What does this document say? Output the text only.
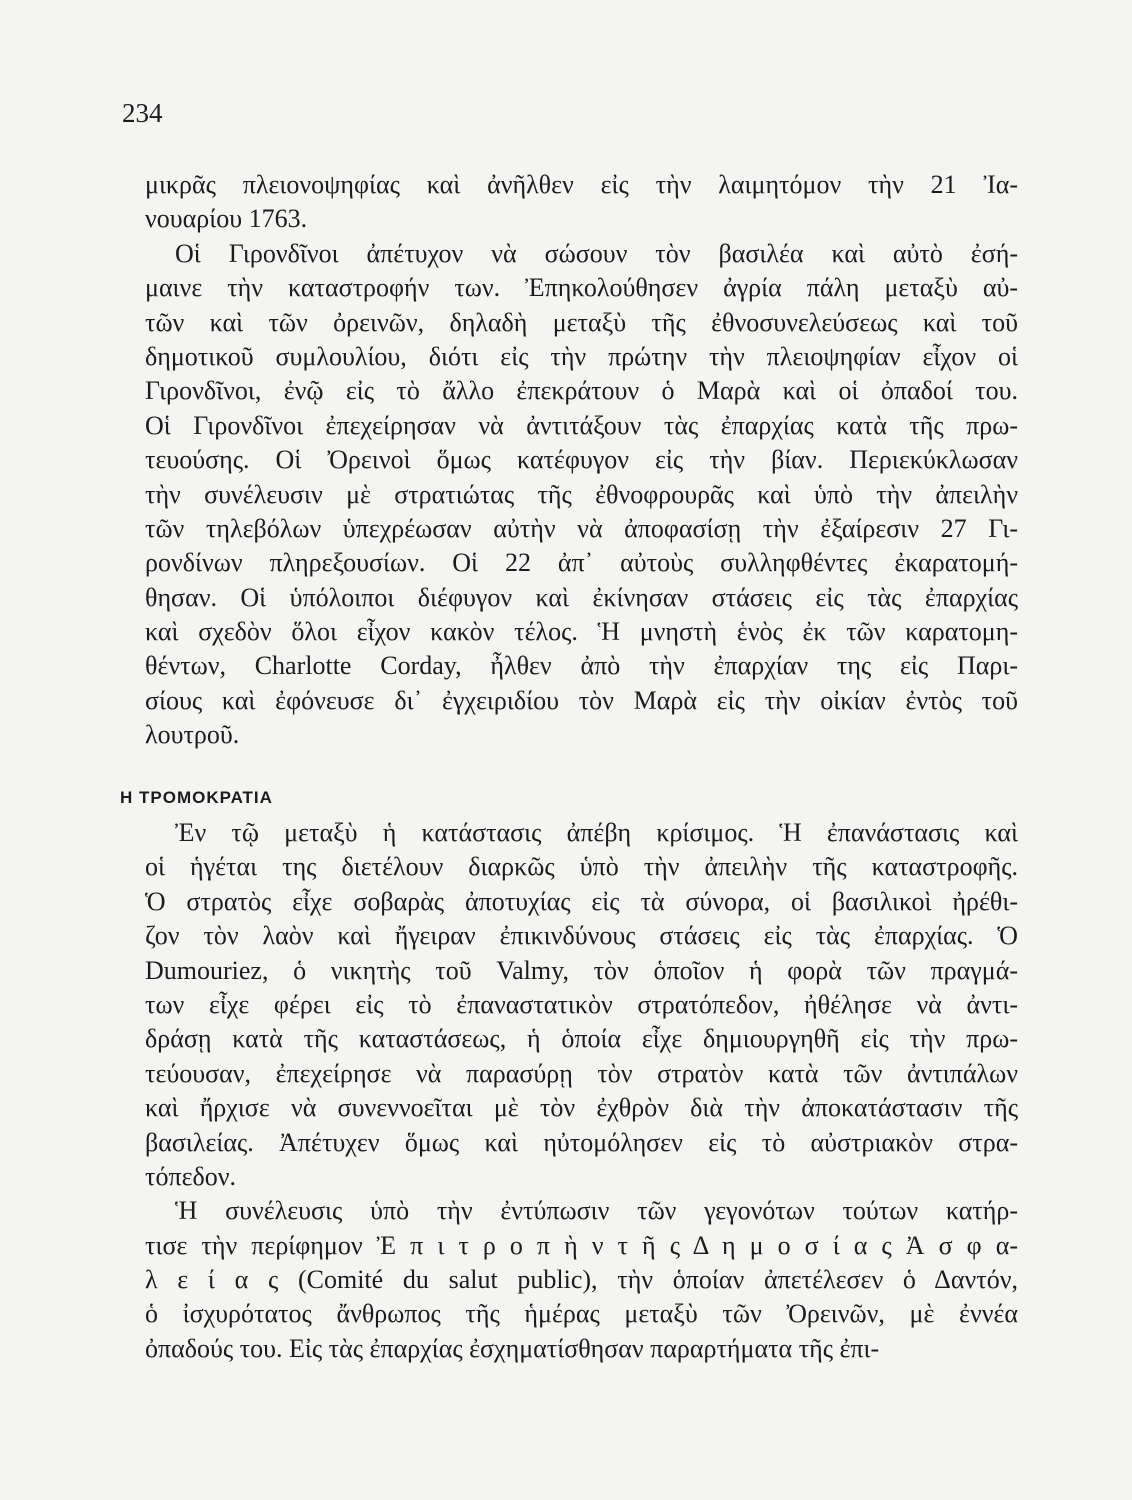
234
μικρᾶς πλειονοψηφίας καὶ ἀνῆλθεν εἰς τὴν λαιμητόμον τὴν 21 Ἰα-
νουαρίου 1763.
Οἱ Γιρονδῖνοι ἀπέτυχον νὰ σώσουν τὸν βασιλέα καὶ αὐτὸ ἐσή-
μαινε τὴν καταστροφήν των. Ἐπηκολούθησεν ἀγρία πάλη μεταξὺ αὐ-
τῶν καὶ τῶν ὀρεινῶν, δηλαδὴ μεταξὺ τῆς ἐθνοσυνελεύσεως καὶ τοῦ
δημοτικοῦ συμλουλίου, διότι εἰς τὴν πρώτην τὴν πλειοψηφίαν εἶχον οἱ
Γιρονδῖνοι, ἐνῷ εἰς τὸ ἄλλο ἐπεκράτουν ὁ Μαρὰ καὶ οἱ ὀπαδοί του.
Οἱ Γιρονδῖνοι ἐπεχείρησαν νὰ ἀντιτάξουν τὰς ἐπαρχίας κατὰ τῆς πρω-
τευούσης. Οἱ Ὀρεινοὶ ὅμως κατέφυγον εἰς τὴν βίαν. Περιεκύκλωσαν
τὴν συνέλευσιν μὲ στρατιώτας τῆς ἐθνοφρουρᾶς καὶ ὑπὸ τὴν ἀπειλὴν
τῶν τηλεβόλων ὑπεχρέωσαν αὐτὴν νὰ ἀποφασίσῃ τὴν ἐξαίρεσιν 27 Γι-
ρονδίνων πληρεξουσίων. Οἱ 22 ἀπ᾽ αὐτοὺς συλληφθέντες ἐκαρατομή-
θησαν. Οἱ ὑπόλοιποι διέφυγον καὶ ἐκίνησαν στάσεις εἰς τὰς ἐπαρχίας
καὶ σχεδὸν ὅλοι εἶχον κακὸν τέλος. Ἡ μνηστὴ ἑνὸς ἐκ τῶν καρατομη-
θέντων, Charlotte Corday, ἦλθεν ἀπὸ τὴν ἐπαρχίαν της εἰς Παρι-
σίους καὶ ἐφόνευσε δι᾽ ἐγχειριδίου τὸν Μαρὰ εἰς τὴν οἰκίαν ἐντὸς τοῦ
λουτροῦ.
Η ΤΡΟΜΟΚΡΑΤΙΑ
Ἐν τῷ μεταξὺ ἡ κατάστασις ἀπέβη κρίσιμος. Ἡ ἐπανάστασις καὶ
οἱ ἡγέται της διετέλουν διαρκῶς ὑπὸ τὴν ἀπειλὴν τῆς καταστροφῆς.
Ὁ στρατὸς εἶχε σοβαρὰς ἀποτυχίας εἰς τὰ σύνορα, οἱ βασιλικοὶ ἠρέθι-
ζον τὸν λαὸν καὶ ἤγειραν ἐπικινδύνους στάσεις εἰς τὰς ἐπαρχίας. Ὁ
Dumouriez, ὁ νικητὴς τοῦ Valmy, τὸν ὁποῖον ἡ φορὰ τῶν πραγμά-
των εἶχε φέρει εἰς τὸ ἐπαναστατικὸν στρατόπεδον, ἠθέλησε νὰ ἀντι-
δράσῃ κατὰ τῆς καταστάσεως, ἡ ὁποία εἶχε δημιουργηθῆ εἰς τὴν πρω-
τεύουσαν, ἐπεχείρησε νὰ παρασύρῃ τὸν στρατὸν κατὰ τῶν ἀντιπάλων
καὶ ἤρχισε νὰ συνεννοεῖται μὲ τὸν ἐχθρὸν διὰ τὴν ἀποκατάστασιν τῆς
βασιλείας. Ἀπέτυχεν ὅμως καὶ ηὐτομόλησεν εἰς τὸ αὐστριακὸν στρα-
τόπεδον.
Ἡ συνέλευσις ὑπὸ τὴν ἐντύπωσιν τῶν γεγονότων τούτων κατήρ-
τισε τὴν περίφημον Ἐ π ι τ ρ ο π ὴ ν τ ῆ ς Δ η μ ο σ ί α ς Ἀ σ φ α-
λ ε ί α ς (Comité du salut public), τὴν ὁποίαν ἀπετέλεσεν ὁ Δαντόν,
ὁ ἰσχυρότατος ἄνθρωπος τῆς ἡμέρας μεταξὺ τῶν Ὀρεινῶν, μὲ ἐννέα
ὀπαδούς του. Εἰς τὰς ἐπαρχίας ἐσχηματίσθησαν παραρτήματα τῆς ἐπι-
